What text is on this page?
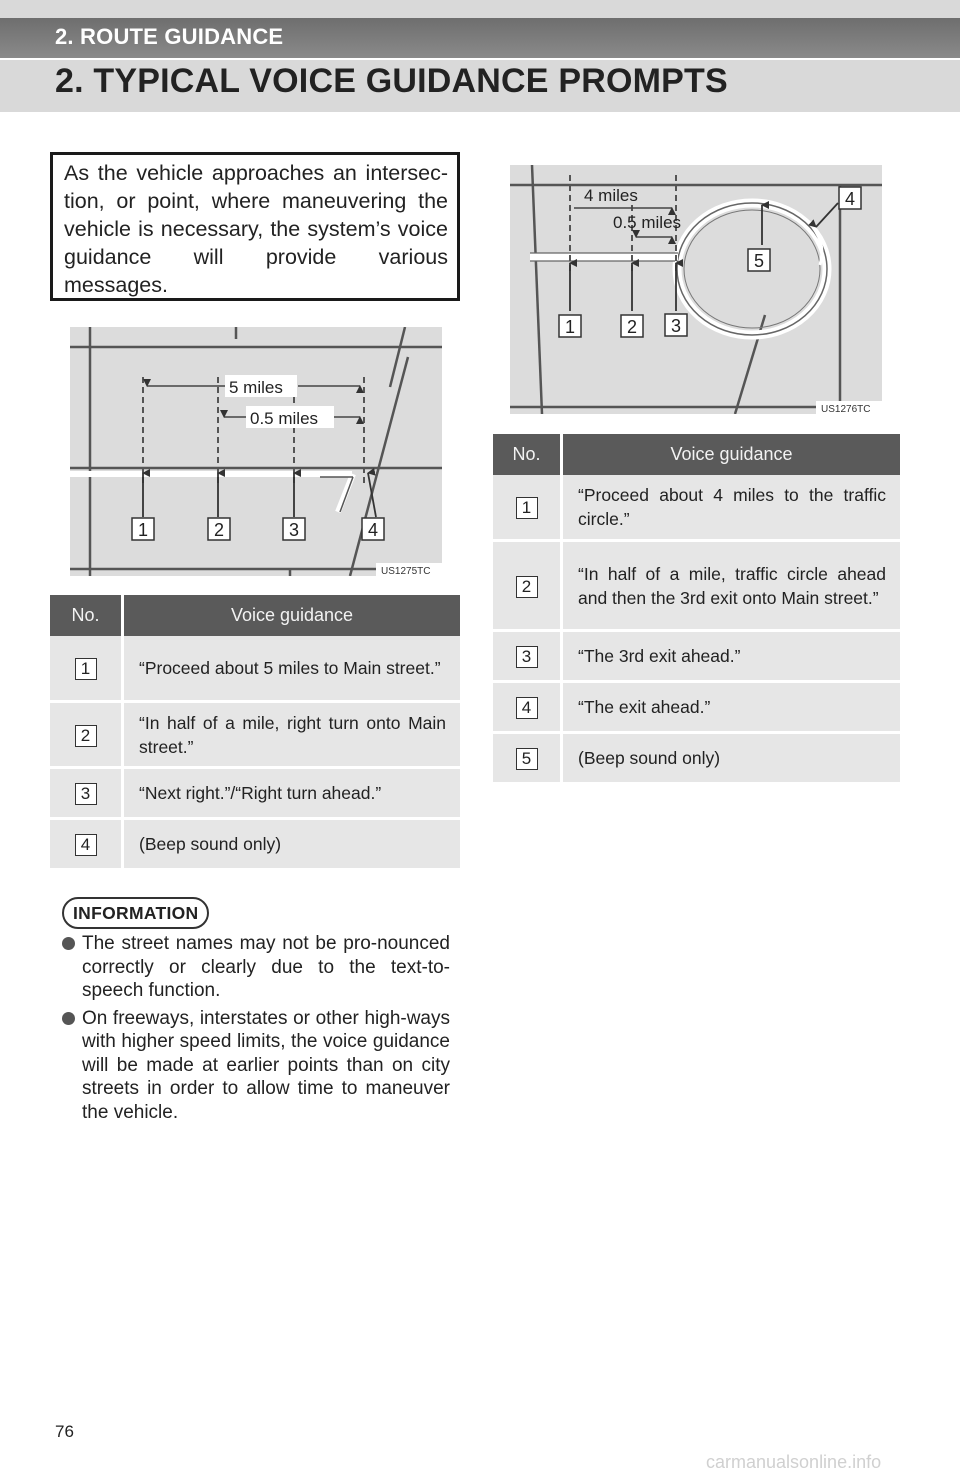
2. ROUTE GUIDANCE
2. TYPICAL VOICE GUIDANCE PROMPTS
As the vehicle approaches an intersec-tion, or point, where maneuvering the vehicle is necessary, the system’s voice guidance will provide various messages.
5 miles
0.5 miles
1	2	3	4
US1275TC
No.	Voice guidance
1	“Proceed about 5 miles to Main street.”
2	“In half of a mile, right turn onto Main street.”
3	“Next right.”/“Right turn ahead.”
4	(Beep sound only)
INFORMATION
The street names may not be pro-nounced correctly or clearly due to the text-to-speech function.
On freeways, interstates or other high-ways with higher speed limits, the voice guidance will be made at earlier points than on city streets in order to allow time to maneuver the vehicle.
4 miles
0.5 miles
1	2 3
4
5
US1276TC
No.	Voice guidance
1	“Proceed about 4 miles to the traffic circle.”
2	“In half of a mile, traffic circle ahead and then the 3rd exit onto Main street.”
3	“The 3rd exit ahead.”
4	“The exit ahead.”
5	(Beep sound only)
76
carmanualsonline.info
